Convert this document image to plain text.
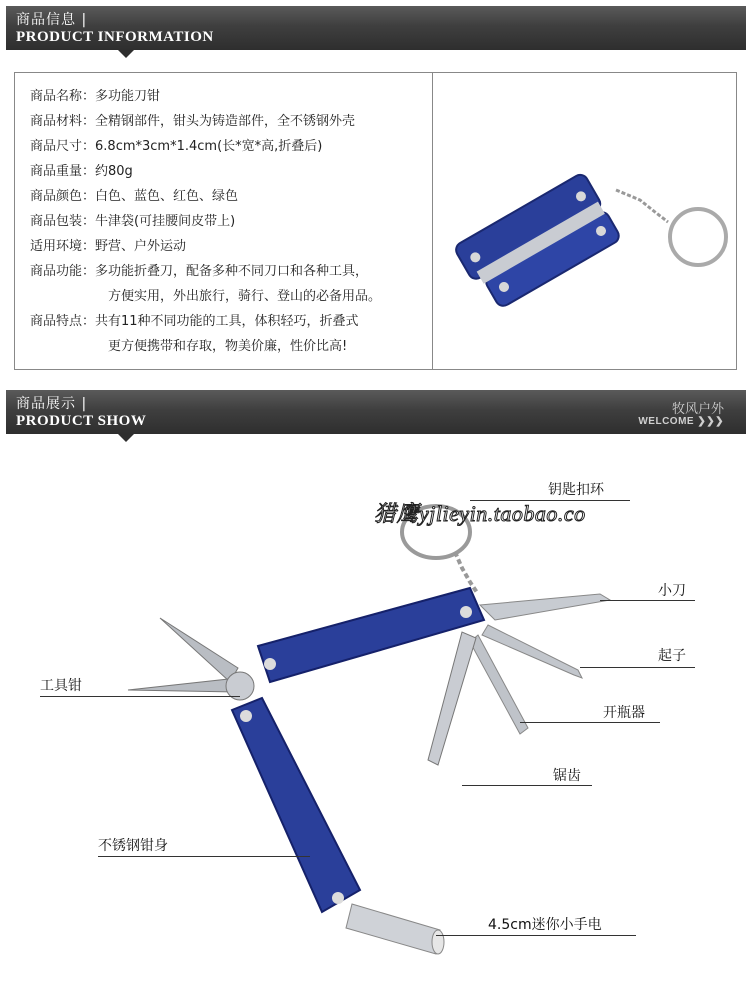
商品信息 |
PRODUCT INFORMATION
商品名称：多功能刀钳
商品材料：全精钢部件，钳头为铸造部件，全不锈钢外壳
商品尺寸：6.8cm*3cm*1.4cm(长*宽*高,折叠后)
商品重量：约80g
商品颜色：白色、蓝色、红色、绿色
商品包装：牛津袋(可挂腰间皮带上)
适用环境：野营、户外运动
商品功能：多功能折叠刀，配备多种不同刀口和各种工具，
方便实用，外出旅行，骑行、登山的必备用品。
商品特点：共有11种不同功能的工具，体积轻巧，折叠式
更方便携带和存取，物美价廉，性价比高!
商品展示 |
PRODUCT SHOW
牧风户外
WELCOME ❯❯❯
猎鹰yjlieyin.taobao.co
钥匙扣环
小刀
起子
开瓶器
锯齿
工具钳
不锈钢钳身
4.5cm迷你小手电
